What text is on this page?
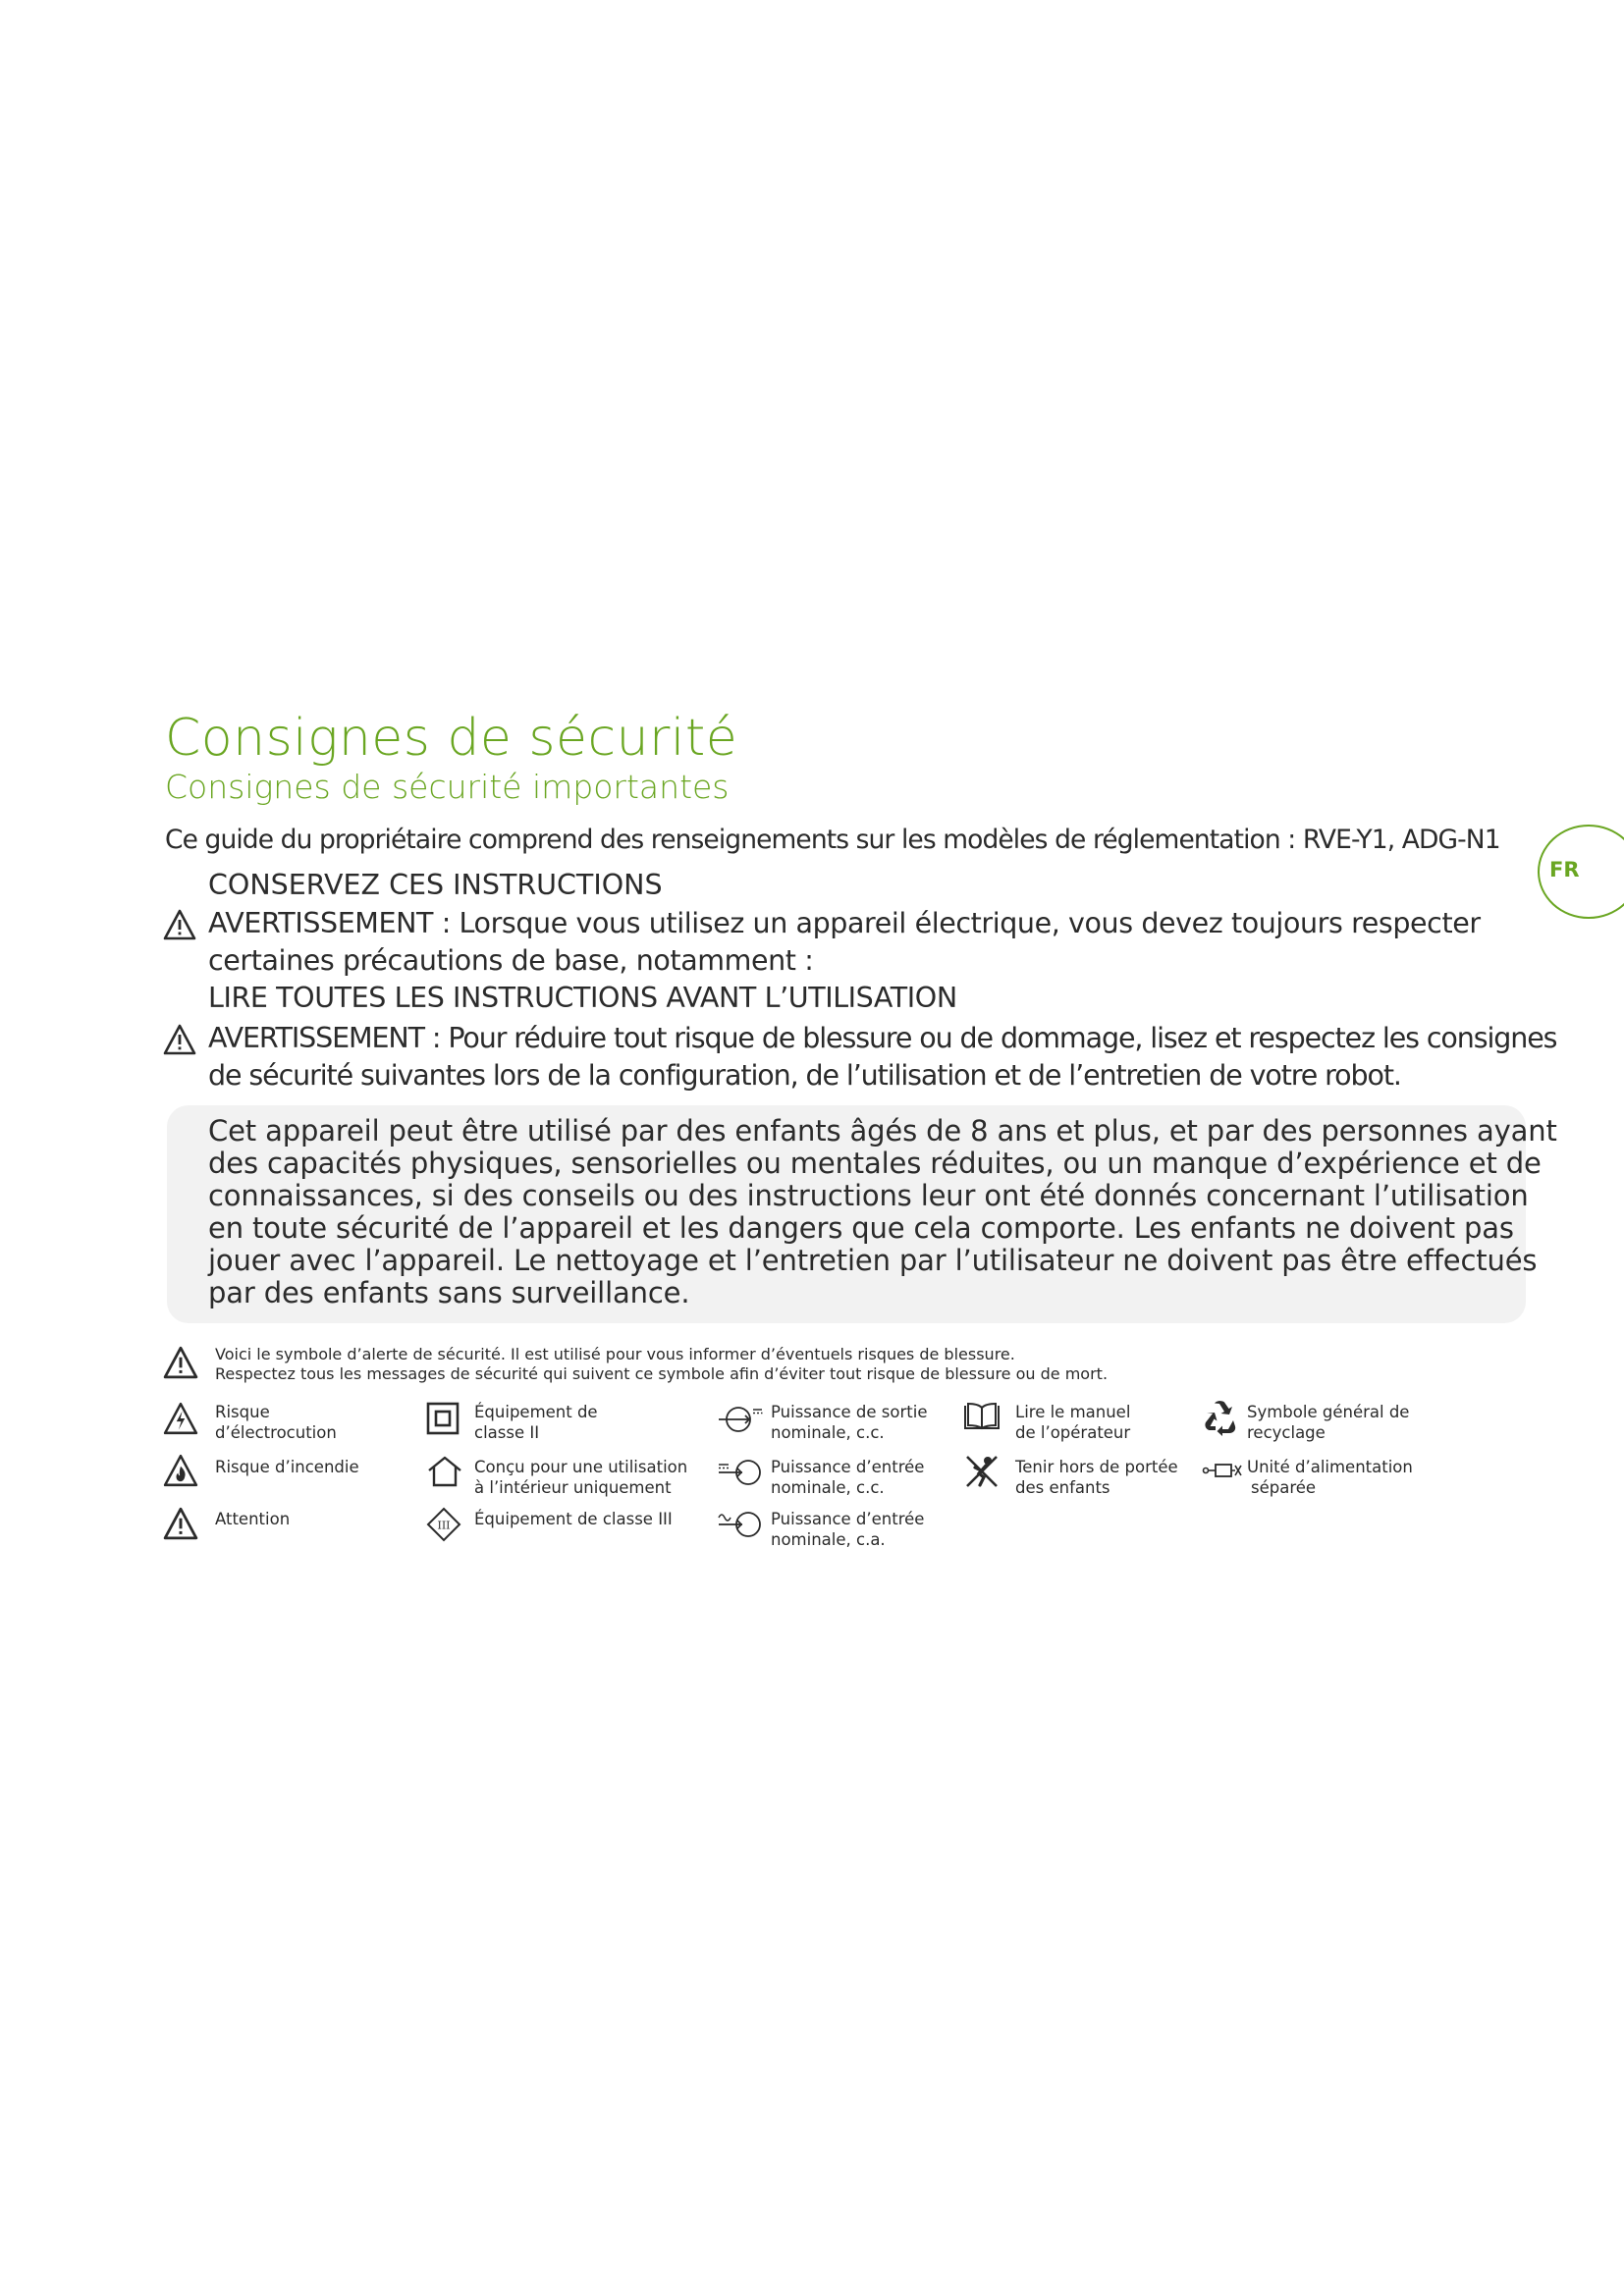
Consignes de sécurité
Consignes de sécurité importantes
FR
Ce guide du propriétaire comprend des renseignements sur les modèles de réglementation : RVE-Y1, ADG-N1
CONSERVEZ CES INSTRUCTIONS
AVERTISSEMENT : Lorsque vous utilisez un appareil électrique, vous devez toujours respecter
certaines précautions de base, notamment :
LIRE TOUTES LES INSTRUCTIONS AVANT L’UTILISATION
AVERTISSEMENT : Pour réduire tout risque de blessure ou de dommage, lisez et respectez les consignes
de sécurité suivantes lors de la configuration, de l’utilisation et de l’entretien de votre robot.
Cet appareil peut être utilisé par des enfants âgés de 8 ans et plus, et par des personnes ayant
des capacités physiques, sensorielles ou mentales réduites, ou un manque d’expérience et de
connaissances, si des conseils ou des instructions leur ont été donnés concernant l’utilisation
en toute sécurité de l’appareil et les dangers que cela comporte. Les enfants ne doivent pas
jouer avec l’appareil. Le nettoyage et l’entretien par l’utilisateur ne doivent pas être effectués
par des enfants sans surveillance.
Voici le symbole d’alerte de sécurité. Il est utilisé pour vous informer d’éventuels risques de blessure.
Respectez tous les messages de sécurité qui suivent ce symbole afin d’éviter tout risque de blessure ou de mort.
Risque
d’électrocution
Risque d’incendie
Attention
Équipement de
classe II
Conçu pour une utilisation
à l’intérieur uniquement
III Équipement de classe III
Puissance de sortie
nominale, c.c.
Puissance d’entrée
nominale, c.c.
Puissance d’entrée
nominale, c.a.
Lire le manuel
de l’opérateur
Tenir hors de portée
des enfants
Symbole général de
recyclage
Unité d’alimentation
séparée
